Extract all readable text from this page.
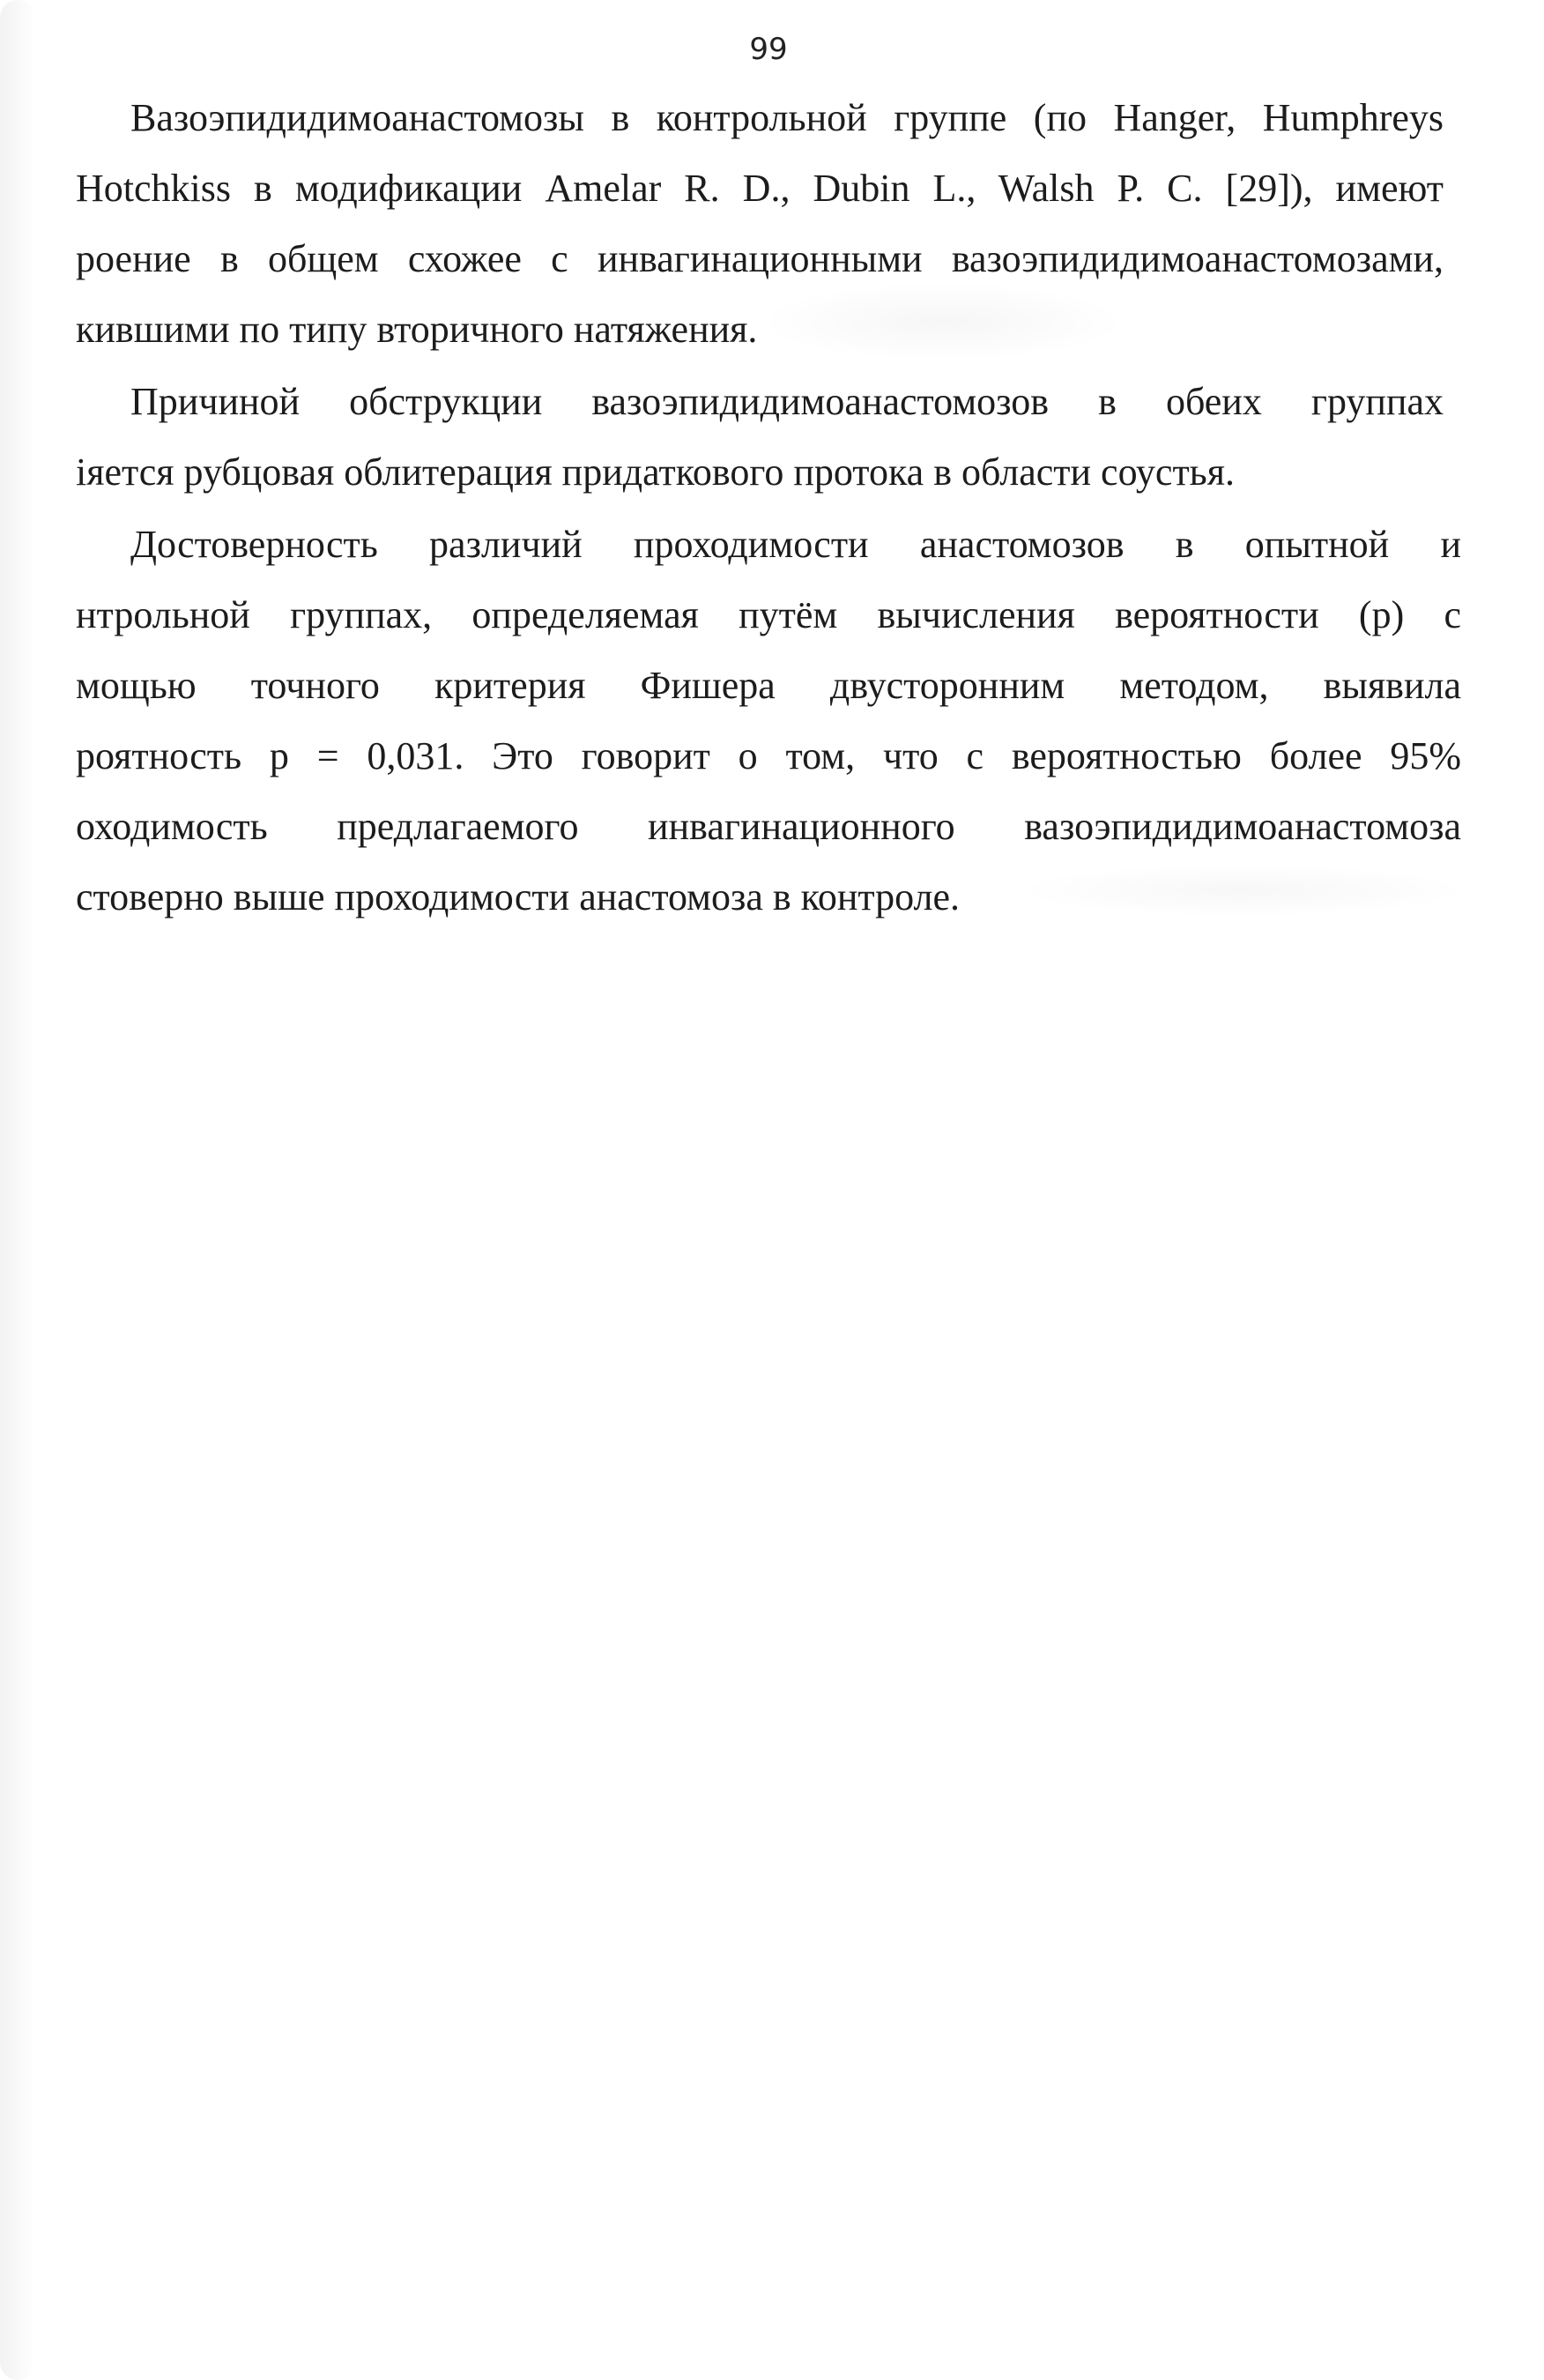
99
Вазоэпидидимоанастомозы в контрольной группе (по Hanger, Humphreys
Hotchkiss в модификации Amelar R. D., Dubin L., Walsh P. C. [29]), имеют
роение в общем схожее с инвагинационными вазоэпидидимоанастомозами,
кившими по типу вторичного натяжения.
Причиной обструкции вазоэпидидимоанастомозов в обеих группах
іяется рубцовая облитерация придаткового протока в области соустья.
Достоверность различий проходимости анастомозов в опытной и
нтрольной группах, определяемая путём вычисления вероятности (р) с
мощью точного критерия Фишера двусторонним методом, выявила
роятность р = 0,031. Это говорит о том, что с вероятностью более 95%
оходимость предлагаемого инвагинационного вазоэпидидимоанастомоза
стоверно выше проходимости анастомоза в контроле.
